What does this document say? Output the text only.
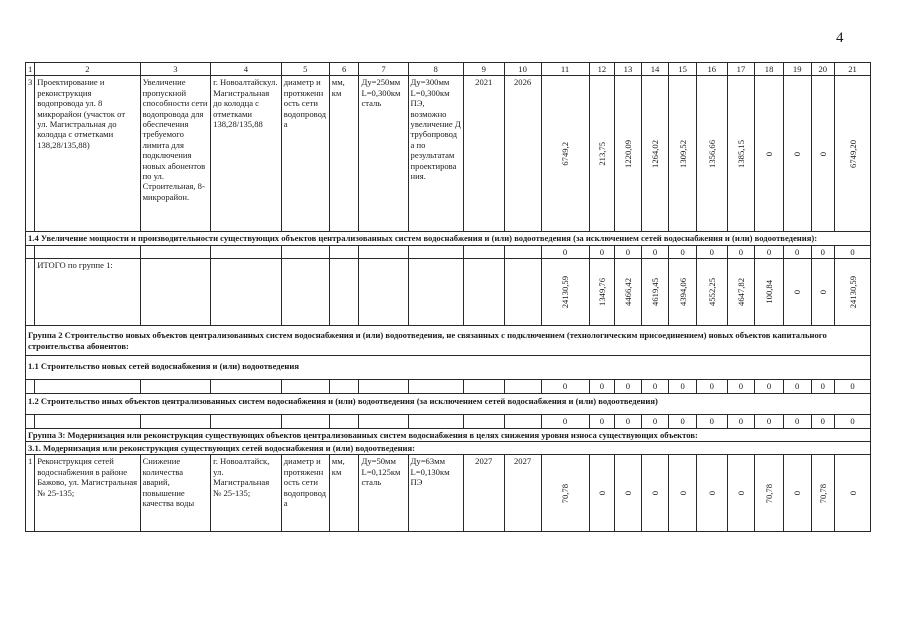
4
1	2	3	4	5	6	7	8	9	10	11	12	13	14	15	16	17	18	19	20	21
3	Проектирование и реконструкция водопровода ул. 8 микрорайон (участок от ул. Магистральная до колодца с отметками 138,28/135,88)	Увеличение пропускной способности сети водопровода для обеспечения требуемого лимита для подключения новых абонентов по ул. Строительная, 8-микрорайон.	г. Новоалтайскул. Магистральная до колодца с отметками 138,28/135,88	диаметр и протяженность сети водопровода	мм, км	Ду=250мм L=0,300км сталь	Ду=300мм L=0,300км ПЭ, возможно увеличение Д трубопровода по результатам проектирования.	2021	2026	6749,2	213,75	1220,09	1264,02	1309,52	1356,66	1385,15	0	0	0	6749,20

1.4 Увеличение мощности и производительности существующих объектов централизованных систем водоснабжения и (или) водоотведения (за исключением сетей водоснабжения и (или) водоотведения):																				
										0	0	0	0	0	0	0	0	0	0	0
	ИТОГО по группе 1:									24130,59	1349,76	4466,42	4619,45	4394,06	4552,25	4647,82	100,84	0	0	24130,59

Группа 2 Строительство новых объектов централизованных систем водоснабжения и (или) водоотведения, не связанных с подключением (технологическим присоединением) новых объектов капитального строительства абонентов:																				
1.1 Строительство новых сетей водоснабжения и (или) водоотведения																				
										0	0	0	0	0	0	0	0	0	0	0
1.2 Строительство иных объектов централизованных систем водоснабжения и (или) водоотведения (за исключением сетей водоснабжения и (или) водоотведения)																				
										0	0	0	0	0	0	0	0	0	0	0
Группа 3: Модернизация или реконструкция существующих объектов централизованных систем водоснабжения в целях снижения уровня износа существующих объектов:																				
3.1. Модернизация или реконструкция существующих сетей водоснабжения и (или) водоотведения:																				
1	Реконструкция сетей водоснабжения в районе Бажово, ул. Магистральная № 25-135;	Снижение количества аварий, повышение качества воды	г. Новоалтайск, ул. Магистральная № 25-135;	диаметр и протяженность сети водопровода	мм, км	Ду=50мм L=0,125км сталь	Ду=63мм L=0,130км ПЭ	2027	2027	70,78	0	0	0	0	0	0	70,78	0	70,78	0
